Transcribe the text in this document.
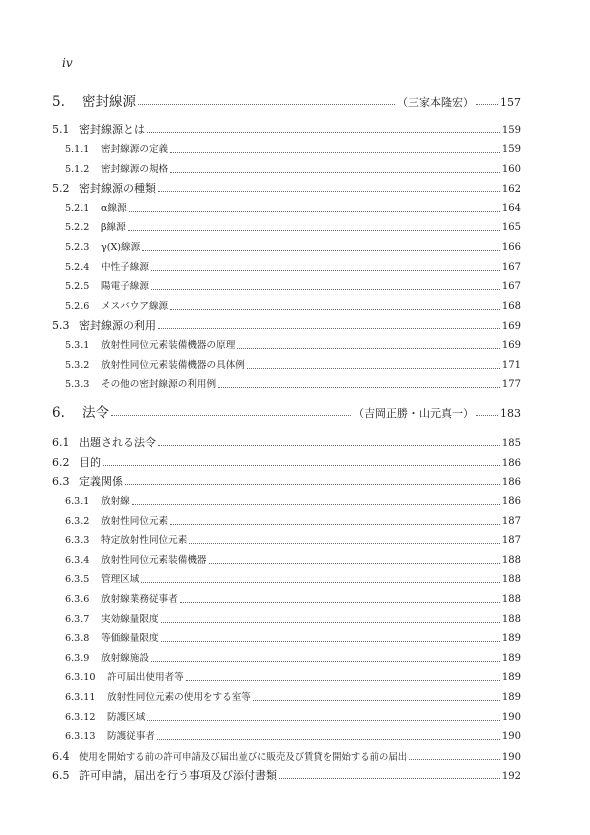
iv
5.	密封線源	（三家本隆宏） 157
5.1 密封線源とは	159
5.1.1	密封線源の定義	159
5.1.2	密封線源の規格	160
5.2 密封線源の種類	162
5.2.1	α線源	164
5.2.2	β線源	165
5.2.3	γ(X)線源	166
5.2.4	中性子線源	167
5.2.5	陽電子線源	167
5.2.6	メスバウア線源	168
5.3 密封線源の利用	169
5.3.1	放射性同位元素装備機器の原理	169
5.3.2	放射性同位元素装備機器の具体例	171
5.3.3	その他の密封線源の利用例	177
6.	法令	（吉岡正勝・山元真一） 183
6.1 出題される法令	185
6.2 目的	186
6.3 定義関係	186
6.3.1	放射線	186
6.3.2	放射性同位元素	187
6.3.3	特定放射性同位元素	187
6.3.4	放射性同位元素装備機器	188
6.3.5	管理区域	188
6.3.6	放射線業務従事者	188
6.3.7	実効線量限度	188
6.3.8	等価線量限度	189
6.3.9	放射線施設	189
6.3.10	許可届出使用者等	189
6.3.11	放射性同位元素の使用をする室等	189
6.3.12	防護区域	190
6.3.13	防護従事者	190
6.4	使用を開始する前の許可申請及び届出並びに販売及び賃貸を開始する前の届出	190
6.5 許可申請，届出を行う事項及び添付書類	192
